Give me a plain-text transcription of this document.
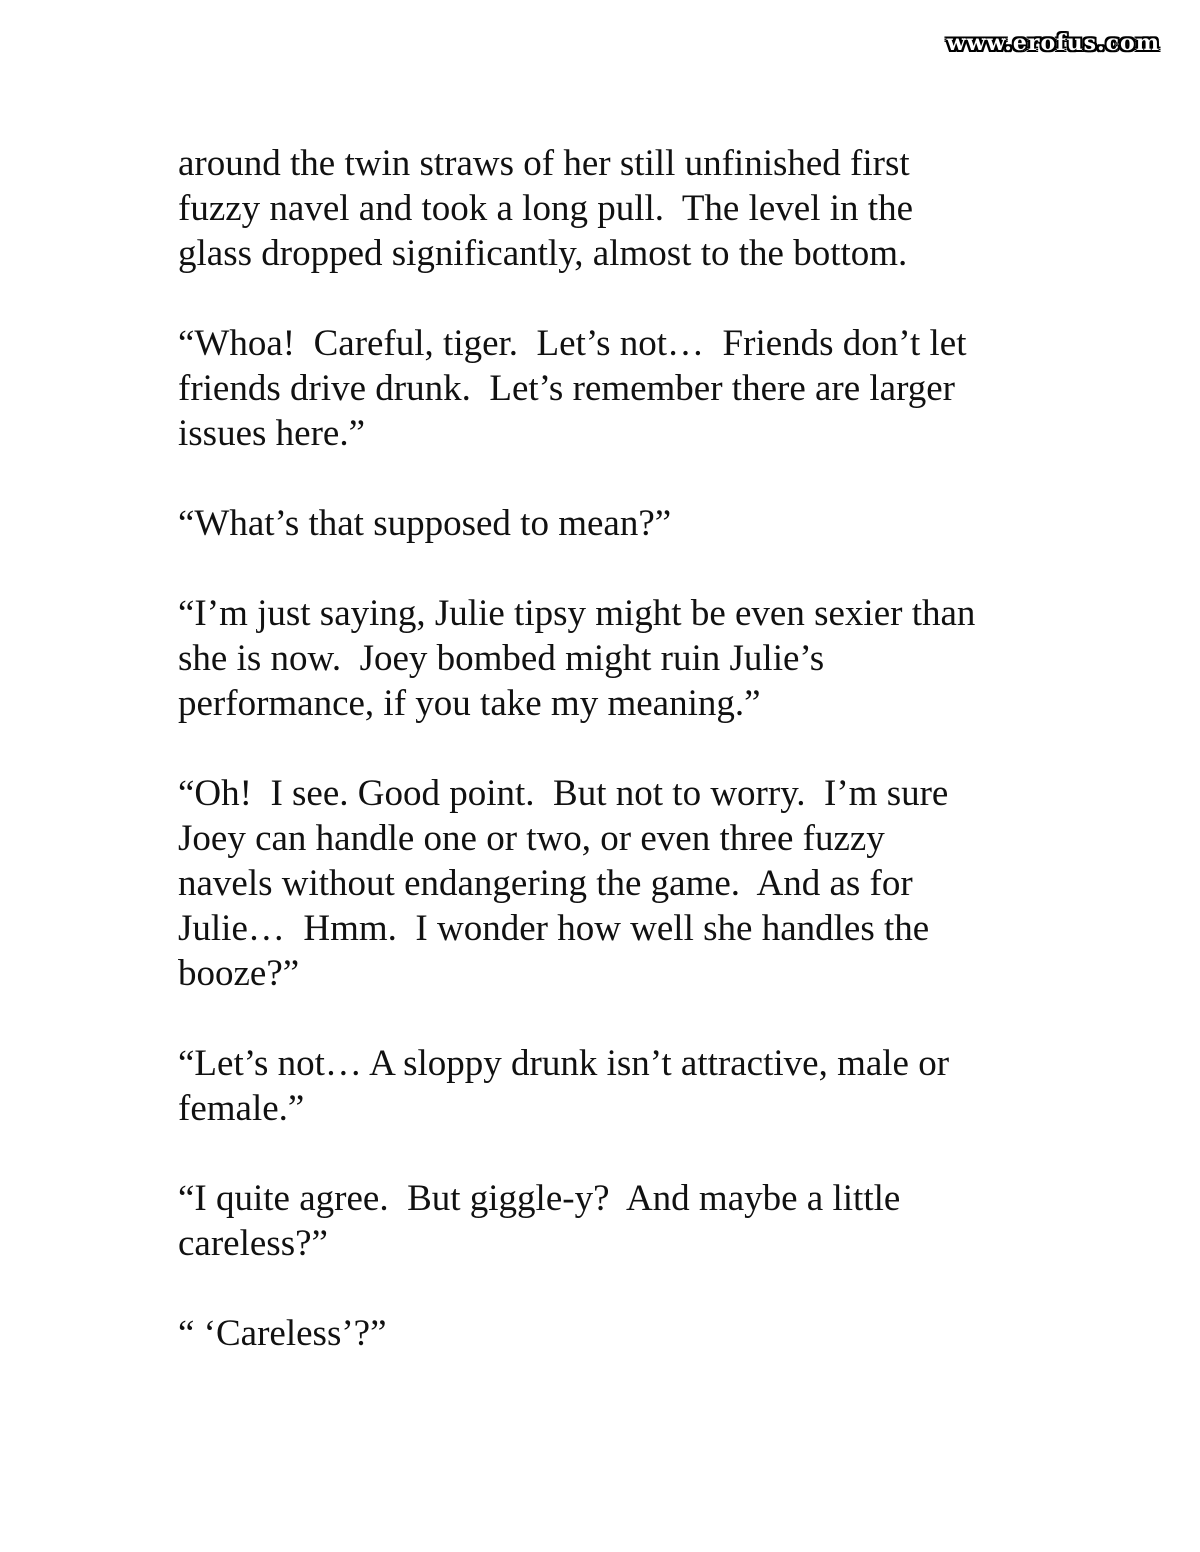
www.erofus.com

around the twin straws of her still unfinished first
fuzzy navel and took a long pull.  The level in the
glass dropped significantly, almost to the bottom.

“Whoa!  Careful, tiger.  Let’s not…  Friends don’t let
friends drive drunk.  Let’s remember there are larger
issues here.”

“What’s that supposed to mean?”

“I’m just saying, Julie tipsy might be even sexier than
she is now.  Joey bombed might ruin Julie’s
performance, if you take my meaning.”

“Oh!  I see. Good point.  But not to worry.  I’m sure
Joey can handle one or two, or even three fuzzy
navels without endangering the game.  And as for
Julie…  Hmm.  I wonder how well she handles the
booze?”

“Let’s not… A sloppy drunk isn’t attractive, male or
female.”

“I quite agree.  But giggle-y?  And maybe a little
careless?”

“ ‘Careless’?”
